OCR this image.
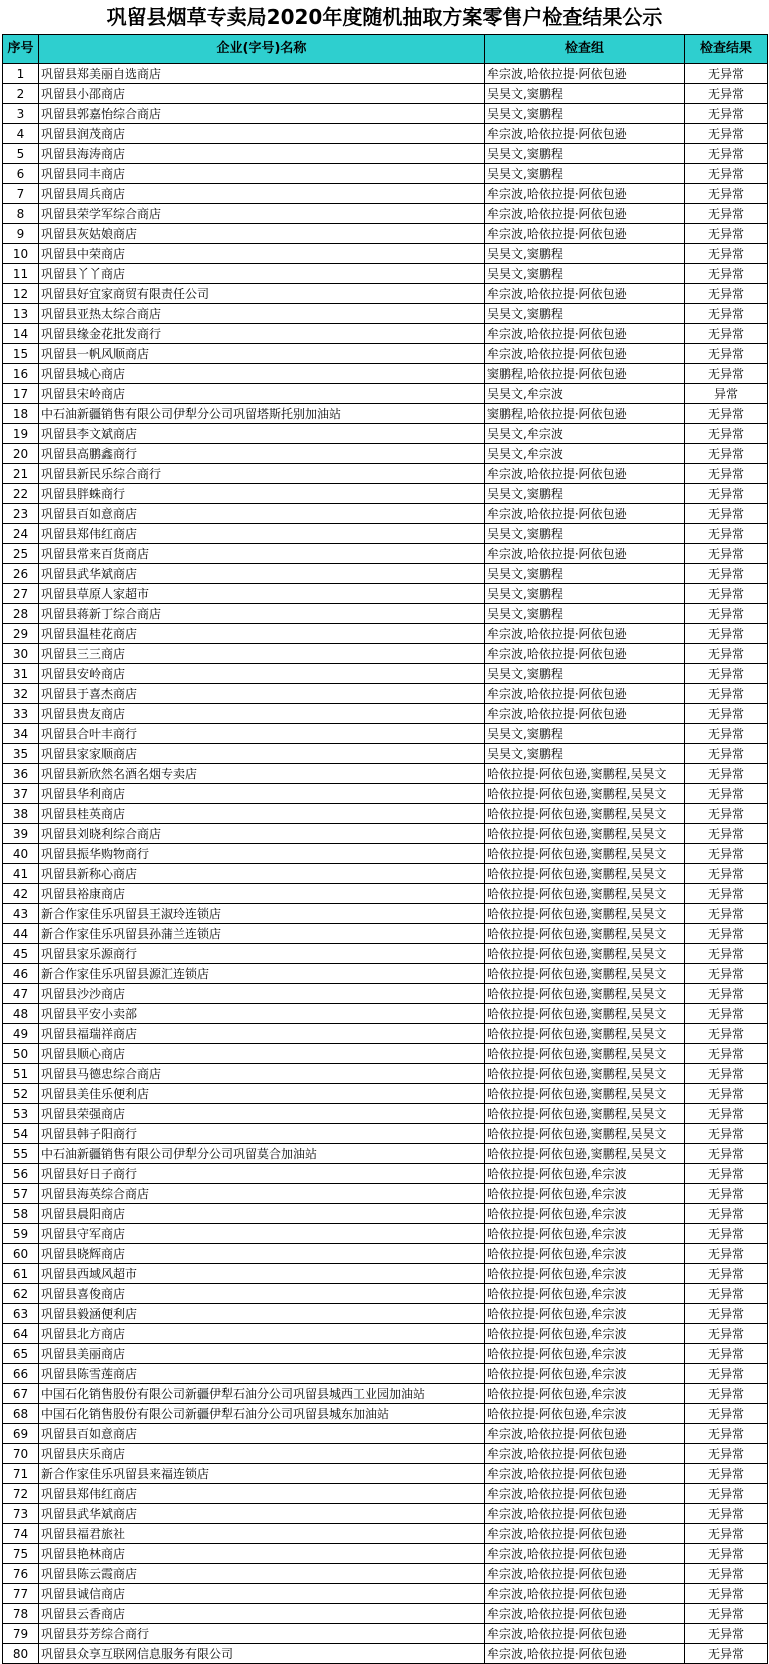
巩留县烟草专卖局2020年度随机抽取方案零售户检查结果公示
序号	企业(字号)名称	检查组	检查结果
1	巩留县郑美丽自选商店	牟宗波,哈依拉提·阿依包逊	无异常
2	巩留县小邵商店	吴昊文,窦鹏程	无异常
3	巩留县郭嘉怡综合商店	吴昊文,窦鹏程	无异常
4	巩留县润茂商店	牟宗波,哈依拉提·阿依包逊	无异常
5	巩留县海涛商店	吴昊文,窦鹏程	无异常
6	巩留县同丰商店	吴昊文,窦鹏程	无异常
7	巩留县周兵商店	牟宗波,哈依拉提·阿依包逊	无异常
8	巩留县荣学军综合商店	牟宗波,哈依拉提·阿依包逊	无异常
9	巩留县灰姑娘商店	牟宗波,哈依拉提·阿依包逊	无异常
10	巩留县中荣商店	吴昊文,窦鹏程	无异常
11	巩留县丫丫商店	吴昊文,窦鹏程	无异常
12	巩留县好宜家商贸有限责任公司	牟宗波,哈依拉提·阿依包逊	无异常
13	巩留县亚热太综合商店	吴昊文,窦鹏程	无异常
14	巩留县缘金花批发商行	牟宗波,哈依拉提·阿依包逊	无异常
15	巩留县一帆风顺商店	牟宗波,哈依拉提·阿依包逊	无异常
16	巩留县城心商店	窦鹏程,哈依拉提·阿依包逊	无异常
17	巩留县宋岭商店	吴昊文,牟宗波	异常
18	中石油新疆销售有限公司伊犁分公司巩留塔斯托别加油站	窦鹏程,哈依拉提·阿依包逊	无异常
19	巩留县李文斌商店	吴昊文,牟宗波	无异常
20	巩留县高鹏鑫商行	吴昊文,牟宗波	无异常
21	巩留县新民乐综合商行	牟宗波,哈依拉提·阿依包逊	无异常
22	巩留县胖蛛商行	吴昊文,窦鹏程	无异常
23	巩留县百如意商店	牟宗波,哈依拉提·阿依包逊	无异常
24	巩留县郑伟红商店	吴昊文,窦鹏程	无异常
25	巩留县常来百货商店	牟宗波,哈依拉提·阿依包逊	无异常
26	巩留县武华斌商店	吴昊文,窦鹏程	无异常
27	巩留县草原人家超市	吴昊文,窦鹏程	无异常
28	巩留县蒋新丁综合商店	吴昊文,窦鹏程	无异常
29	巩留县温桂花商店	牟宗波,哈依拉提·阿依包逊	无异常
30	巩留县三三商店	牟宗波,哈依拉提·阿依包逊	无异常
31	巩留县安岭商店	吴昊文,窦鹏程	无异常
32	巩留县于喜杰商店	牟宗波,哈依拉提·阿依包逊	无异常
33	巩留县贵友商店	牟宗波,哈依拉提·阿依包逊	无异常
34	巩留县合叶丰商行	吴昊文,窦鹏程	无异常
35	巩留县家家顺商店	吴昊文,窦鹏程	无异常
36	巩留县新欣然名酒名烟专卖店	哈依拉提·阿依包逊,窦鹏程,吴昊文	无异常
37	巩留县华利商店	哈依拉提·阿依包逊,窦鹏程,吴昊文	无异常
38	巩留县桂英商店	哈依拉提·阿依包逊,窦鹏程,吴昊文	无异常
39	巩留县刘晓利综合商店	哈依拉提·阿依包逊,窦鹏程,吴昊文	无异常
40	巩留县振华购物商行	哈依拉提·阿依包逊,窦鹏程,吴昊文	无异常
41	巩留县新称心商店	哈依拉提·阿依包逊,窦鹏程,吴昊文	无异常
42	巩留县裕康商店	哈依拉提·阿依包逊,窦鹏程,吴昊文	无异常
43	新合作家佳乐巩留县王淑玲连锁店	哈依拉提·阿依包逊,窦鹏程,吴昊文	无异常
44	新合作家佳乐巩留县孙蒲兰连锁店	哈依拉提·阿依包逊,窦鹏程,吴昊文	无异常
45	巩留县家乐源商行	哈依拉提·阿依包逊,窦鹏程,吴昊文	无异常
46	新合作家佳乐巩留县源汇连锁店	哈依拉提·阿依包逊,窦鹏程,吴昊文	无异常
47	巩留县沙沙商店	哈依拉提·阿依包逊,窦鹏程,吴昊文	无异常
48	巩留县平安小卖部	哈依拉提·阿依包逊,窦鹏程,吴昊文	无异常
49	巩留县福瑞祥商店	哈依拉提·阿依包逊,窦鹏程,吴昊文	无异常
50	巩留县顺心商店	哈依拉提·阿依包逊,窦鹏程,吴昊文	无异常
51	巩留县马德忠综合商店	哈依拉提·阿依包逊,窦鹏程,吴昊文	无异常
52	巩留县美佳乐便利店	哈依拉提·阿依包逊,窦鹏程,吴昊文	无异常
53	巩留县荣强商店	哈依拉提·阿依包逊,窦鹏程,吴昊文	无异常
54	巩留县韩子阳商行	哈依拉提·阿依包逊,窦鹏程,吴昊文	无异常
55	中石油新疆销售有限公司伊犁分公司巩留莫合加油站	哈依拉提·阿依包逊,窦鹏程,吴昊文	无异常
56	巩留县好日子商行	哈依拉提·阿依包逊,牟宗波	无异常
57	巩留县海英综合商店	哈依拉提·阿依包逊,牟宗波	无异常
58	巩留县晨阳商店	哈依拉提·阿依包逊,牟宗波	无异常
59	巩留县守军商店	哈依拉提·阿依包逊,牟宗波	无异常
60	巩留县晓辉商店	哈依拉提·阿依包逊,牟宗波	无异常
61	巩留县西域风超市	哈依拉提·阿依包逊,牟宗波	无异常
62	巩留县喜俊商店	哈依拉提·阿依包逊,牟宗波	无异常
63	巩留县毅涵便利店	哈依拉提·阿依包逊,牟宗波	无异常
64	巩留县北方商店	哈依拉提·阿依包逊,牟宗波	无异常
65	巩留县美丽商店	哈依拉提·阿依包逊,牟宗波	无异常
66	巩留县陈雪莲商店	哈依拉提·阿依包逊,牟宗波	无异常
67	中国石化销售股份有限公司新疆伊犁石油分公司巩留县城西工业园加油站	哈依拉提·阿依包逊,牟宗波	无异常
68	中国石化销售股份有限公司新疆伊犁石油分公司巩留县城东加油站	哈依拉提·阿依包逊,牟宗波	无异常
69	巩留县百如意商店	牟宗波,哈依拉提·阿依包逊	无异常
70	巩留县庆乐商店	牟宗波,哈依拉提·阿依包逊	无异常
71	新合作家佳乐巩留县来福连锁店	牟宗波,哈依拉提·阿依包逊	无异常
72	巩留县郑伟红商店	牟宗波,哈依拉提·阿依包逊	无异常
73	巩留县武华斌商店	牟宗波,哈依拉提·阿依包逊	无异常
74	巩留县福君旅社	牟宗波,哈依拉提·阿依包逊	无异常
75	巩留县艳林商店	牟宗波,哈依拉提·阿依包逊	无异常
76	巩留县陈云霞商店	牟宗波,哈依拉提·阿依包逊	无异常
77	巩留县诚信商店	牟宗波,哈依拉提·阿依包逊	无异常
78	巩留县云香商店	牟宗波,哈依拉提·阿依包逊	无异常
79	巩留县芬芳综合商行	牟宗波,哈依拉提·阿依包逊	无异常
80	巩留县众享互联网信息服务有限公司	牟宗波,哈依拉提·阿依包逊	无异常
